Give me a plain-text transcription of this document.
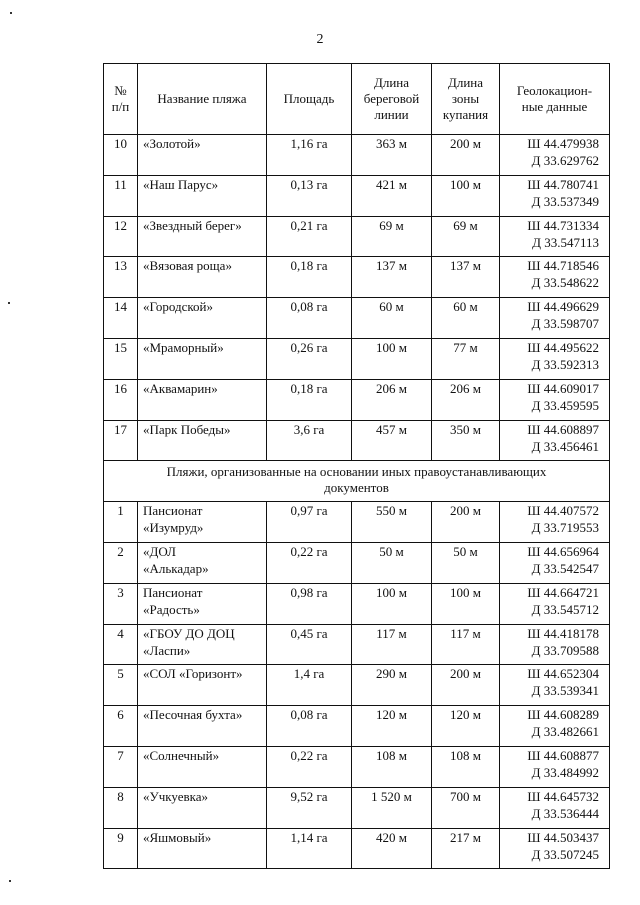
2
№
п/п	Название пляжа	Площадь	Длина
береговой
линии	Длина
зоны
купания	Геолокацион-
ные данные

10	«Золотой»	1,16 га	363 м	200 м	Ш 44.479938
Д 33.629762

11	«Наш Парус»	0,13 га	421 м	100 м	Ш 44.780741
Д 33.537349

12	«Звездный берег»	0,21 га	69 м	69 м	Ш 44.731334
Д 33.547113

13	«Вязовая роща»	0,18 га	137 м	137 м	Ш 44.718546
Д 33.548622

14	«Городской»	0,08 га	60 м	60 м	Ш 44.496629
Д 33.598707

15	«Мраморный»	0,26 га	100 м	77 м	Ш 44.495622
Д 33.592313

16	«Аквамарин»	0,18 га	206 м	206 м	Ш 44.609017
Д 33.459595

17	«Парк Победы»	3,6 га	457 м	350 м	Ш 44.608897
Д 33.456461

Пляжи, организованные на основании иных правоустанавливающих
документов					

1	Пансионат
«Изумруд»	0,97 га	550 м	200 м	Ш 44.407572
Д 33.719553

2	«ДОЛ
«Алькадар»	0,22 га	50 м	50 м	Ш 44.656964
Д 33.542547

3	Пансионат
«Радость»	0,98 га	100 м	100 м	Ш 44.664721
Д 33.545712

4	«ГБОУ ДО ДОЦ
«Ласпи»	0,45 га	117 м	117 м	Ш 44.418178
Д 33.709588

5	«СОЛ «Горизонт»	1,4 га	290 м	200 м	Ш 44.652304
Д 33.539341

6	«Песочная бухта»	0,08 га	120 м	120 м	Ш 44.608289
Д 33.482661

7	«Солнечный»	0,22 га	108 м	108 м	Ш 44.608877
Д 33.484992

8	«Учкуевка»	9,52 га	1 520 м	700 м	Ш 44.645732
Д 33.536444

9	«Яшмовый»	1,14 га	420 м	217 м	Ш 44.503437
Д 33.507245
